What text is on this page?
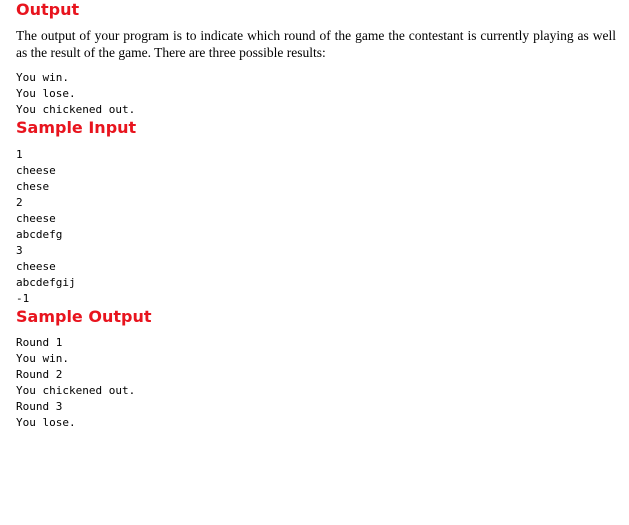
Output

The output of your program is to indicate which round of the game the contestant is currently playing as well as the result of the game. There are three possible results:

You win.
You lose.
You chickened out.
Sample Input
1
cheese
chese
2
cheese
abcdefg
3
cheese
abcdefgij
-1
Sample Output
Round 1
You win.
Round 2
You chickened out.
Round 3
You lose.
